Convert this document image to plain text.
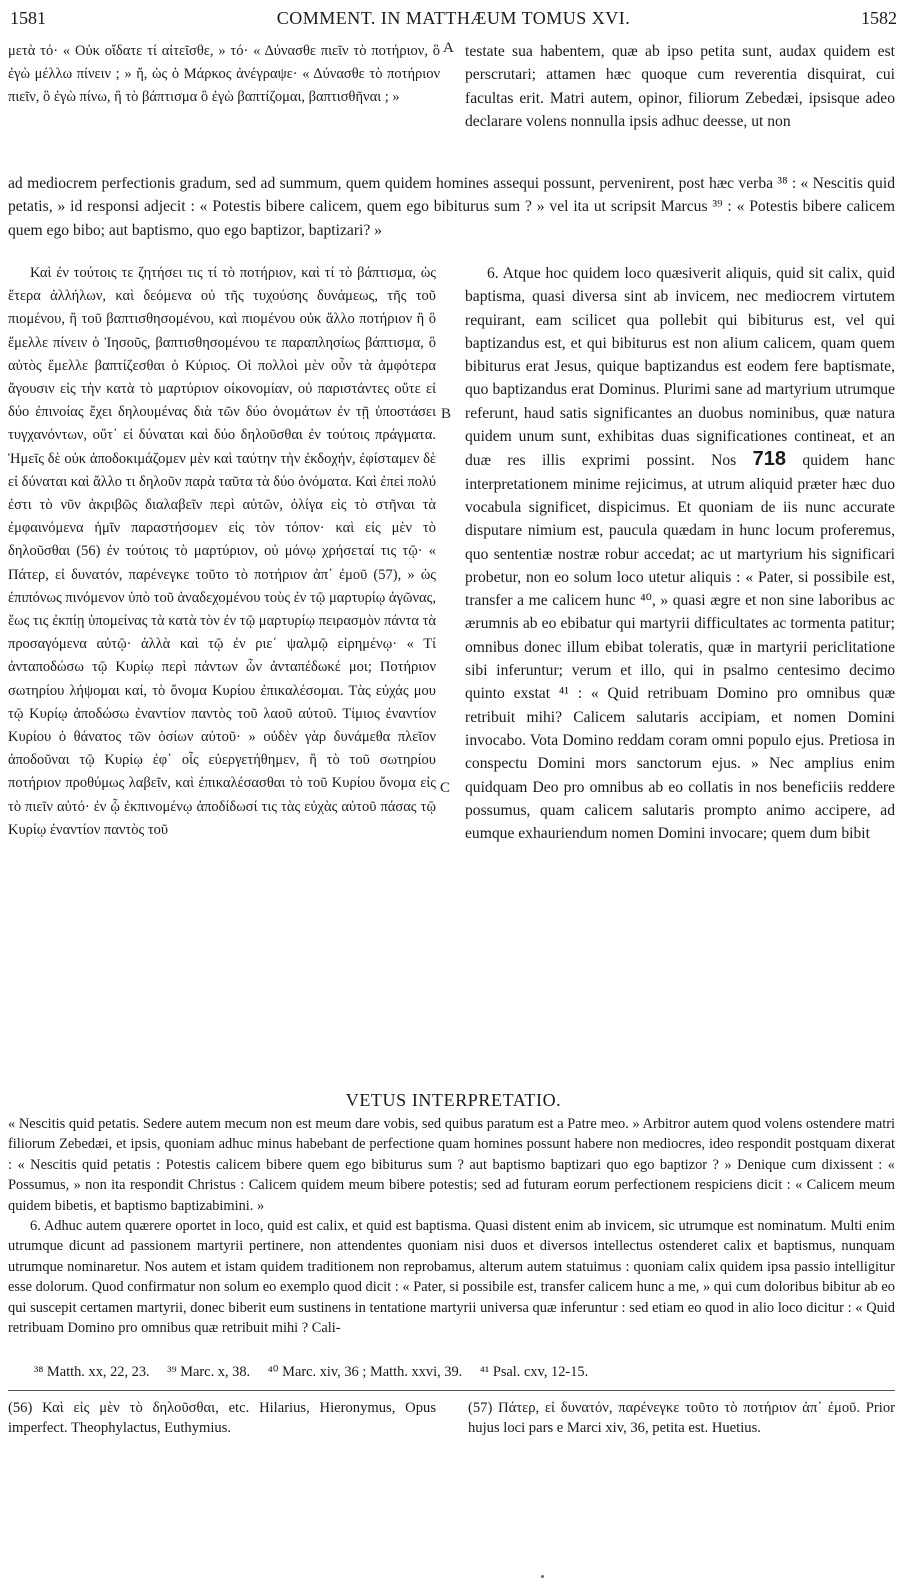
1581	COMMENT. IN MATTHÆUM TOMUS XVI.	1582
A
B
C

μετὰ τό· « Οὐκ οἴδατε τί αἰτεῖσθε, » τό· « Δύνασθε πιεῖν τὸ ποτήριον, ὃ ἐγὼ μέλλω πίνειν ; » ἤ, ὡς ὁ Μάρκος ἀνέγραψε· « Δύνασθε τὸ ποτήριον πιεῖν, ὃ ἐγὼ πίνω, ἢ τὸ βάπτισμα ὃ ἐγὼ βαπτίζομαι, βαπτισθῆναι ; »

testate sua habentem, quæ ab ipso petita sunt, audax quidem est perscrutari; attamen hæc quoque cum reverentia disquirat, cui facultas erit. Matri autem, opinor, filiorum Zebedæi, ipsisque adeo declarare volens nonnulla ipsis adhuc deesse, ut non

ad mediocrem perfectionis gradum, sed ad summum, quem quidem homines assequi possunt, pervenirent, post hæc verba ³⁸ : « Nescitis quid petatis, » id responsi adjecit : « Potestis bibere calicem, quem ego bibiturus sum ? » vel ita ut scripsit Marcus ³⁹ : « Potestis bibere calicem quem ego bibo; aut baptismo, quo ego baptizor, baptizari? »

Καὶ ἐν τούτοις τε ζητήσει τις τί τὸ ποτήριον, καὶ τί τὸ βάπτισμα, ὡς ἕτερα ἀλλήλων, καὶ δεόμενα οὐ τῆς τυχούσης δυνάμεως, τῆς τοῦ πιομένου, ἢ τοῦ βαπτισθησομένου, καὶ πιομένου οὐκ ἄλλο ποτήριον ἢ ὃ ἔμελλε πίνειν ὁ Ἰησοῦς, βαπτισθησομένου τε παραπλησίως βάπτισμα, ὃ αὐτὸς ἔμελλε βαπτίζεσθαι ὁ Κύριος. Οἱ πολλοὶ μὲν οὖν τὰ ἀμφότερα ἄγουσιν εἰς τὴν κατὰ τὸ μαρτύριον οἰκονομίαν, οὐ παριστάντες οὔτε εἰ δύο ἐπινοίας ἔχει δηλουμένας διὰ τῶν δύο ὀνομάτων ἐν τῇ ὑποστάσει τυγχανόντων, οὔτ᾽ εἰ δύναται καὶ δύο δηλοῦσθαι ἐν τούτοις πράγματα. Ἡμεῖς δὲ οὐκ ἀποδοκιμάζομεν μὲν καὶ ταύτην τὴν ἐκδοχήν, ἐφίσταμεν δὲ εἰ δύναται καὶ ἄλλο τι δηλοῦν παρὰ ταῦτα τὰ δύο ὀνόματα. Καὶ ἐπεὶ πολύ ἐστι τὸ νῦν ἀκριβῶς διαλαβεῖν περὶ αὐτῶν, ὀλίγα εἰς τὸ στῆναι τὰ ἐμφαινόμενα ἡμῖν παραστήσομεν εἰς τὸν τόπον· καὶ εἰς μὲν τὸ δηλοῦσθαι (56) ἐν τούτοις τὸ μαρτύριον, οὐ μόνῳ χρήσεταί τις τῷ· « Πάτερ, εἰ δυνατόν, παρένεγκε τοῦτο τὸ ποτήριον ἀπ᾽ ἐμοῦ (57), » ὡς ἐπιπόνως πινόμενον ὑπὸ τοῦ ἀναδεχομένου τοὺς ἐν τῷ μαρτυρίῳ ἀγῶνας, ἕως τις ἐκπίῃ ὑπομείνας τὰ κατὰ τὸν ἐν τῷ μαρτυρίῳ πειρασμὸν πάντα τὰ προσαγόμενα αὐτῷ· ἀλλὰ καὶ τῷ ἐν ριε΄ ψαλμῷ εἰρημένῳ· « Τί ἀνταποδώσω τῷ Κυρίῳ περὶ πάντων ὧν ἀνταπέδωκέ μοι; Ποτήριον σωτηρίου λήψομαι καί, τὸ ὄνομα Κυρίου ἐπικαλέσομαι. Τὰς εὐχάς μου τῷ Κυρίῳ ἀποδώσω ἐναντίον παντὸς τοῦ λαοῦ αὐτοῦ. Τίμιος ἐναντίον Κυρίου ὁ θάνατος τῶν ὁσίων αὐτοῦ· » οὐδὲν γὰρ δυνάμεθα πλεῖον ἀποδοῦναι τῷ Κυρίῳ ἐφ᾽ οἷς εὐεργετήθημεν, ἢ τὸ τοῦ σωτηρίου ποτήριον προθύμως λαβεῖν, καὶ ἐπικαλέσασθαι τὸ τοῦ Κυρίου ὄνομα εἰς τὸ πιεῖν αὐτό· ἐν ᾧ ἐκπινομένῳ ἀποδίδωσί τις τὰς εὐχὰς αὐτοῦ πάσας τῷ Κυρίῳ ἐναντίον παντὸς τοῦ

6. Atque hoc quidem loco quæsiverit aliquis, quid sit calix, quid baptisma, quasi diversa sint ab invicem, nec mediocrem virtutem requirant, eam scilicet qua pollebit qui bibiturus est, vel qui baptizandus est, et qui bibiturus est non alium calicem, quam quem bibiturus erat Jesus, quique baptizandus est eodem fere baptismate, quo baptizandus erat Dominus. Plurimi sane ad martyrium utrumque referunt, haud satis significantes an duobus nominibus, quæ natura quidem unum sunt, exhibitas duas significationes contineat, et an duæ res illis exprimi possint. Nos 718 quidem hanc interpretationem minime rejicimus, at utrum aliquid præter hæc duo vocabula significet, dispicimus. Et quoniam de iis nunc accurate disputare nimium est, paucula quædam in hunc locum proferemus, quo sententiæ nostræ robur accedat; ac ut martyrium his significari probetur, non eo solum loco utetur aliquis : « Pater, si possibile est, transfer a me calicem hunc ⁴⁰, » quasi ægre et non sine laboribus ac ærumnis ab eo ebibatur qui martyrii difficultates ac tormenta patitur; omnibus donec illum ebibat toleratis, quæ in martyrii periclitatione sibi inferuntur; verum et illo, qui in psalmo centesimo decimo quinto exstat ⁴¹ : « Quid retribuam Domino pro omnibus quæ retribuit mihi? Calicem salutaris accipiam, et nomen Domini invocabo. Vota Domino reddam coram omni populo ejus. Pretiosa in conspectu Domini mors sanctorum ejus. » Nec amplius enim quidquam Deo pro omnibus ab eo collatis in nos beneficiis reddere possumus, quam calicem salutaris prompto animo accipere, ad eumque exhauriendum nomen Domini invocare; quem dum bibit

VETUS INTERPRETATIO.

« Nescitis quid petatis. Sedere autem mecum non est meum dare vobis, sed quibus paratum est a Patre meo. » Arbitror autem quod volens ostendere matri filiorum Zebedæi, et ipsis, quoniam adhuc minus habebant de perfectione quam homines possunt habere non mediocres, ideo respondit postquam dixerat : « Nescitis quid petatis : Potestis calicem bibere quem ego bibiturus sum ? aut baptismo baptizari quo ego baptizor ? » Denique cum dixissent : « Possumus, » non ita respondit Christus : Calicem quidem meum bibere potestis; sed ad futuram eorum perfectionem respiciens dicit : « Calicem meum quidem bibetis, et baptismo baptizabimini. »

6. Adhuc autem quærere oportet in loco, quid est calix, et quid est baptisma. Quasi distent enim ab invicem, sic utrumque est nominatum. Multi enim utrumque dicunt ad passionem martyrii pertinere, non attendentes quoniam nisi duos et diversos intellectus ostenderet calix et baptismus, nunquam utrumque nominaretur. Nos autem et istam quidem traditionem non reprobamus, alterum autem statuimus : quoniam calix quidem ipsa passio intelligitur esse dolorum. Quod confirmatur non solum eo exemplo quod dicit : « Pater, si possibile est, transfer calicem hunc a me, » qui cum doloribus bibitur ab eo qui suscepit certamen martyrii, donec biberit eum sustinens in tentatione martyrii universa quæ inferuntur : sed etiam eo quod in alio loco dicitur : « Quid retribuam Domino pro omnibus quæ retribuit mihi ? Cali-

³⁸ Matth. xx, 22, 23. ³⁹ Marc. x, 38. ⁴⁰ Marc. xiv, 36 ; Matth. xxvi, 39. ⁴¹ Psal. cxv, 12-15.

(56) Καὶ εἰς μὲν τὸ δηλοῦσθαι, etc. Hilarius, Hieronymus, Opus imperfect. Theophylactus, Euthymius.

(57) Πάτερ, εἰ δυνατόν, παρένεγκε τοῦτο τὸ ποτήριον ἀπ᾽ ἐμοῦ. Prior hujus loci pars e Marci xiv, 36, petita est. Huetius.
